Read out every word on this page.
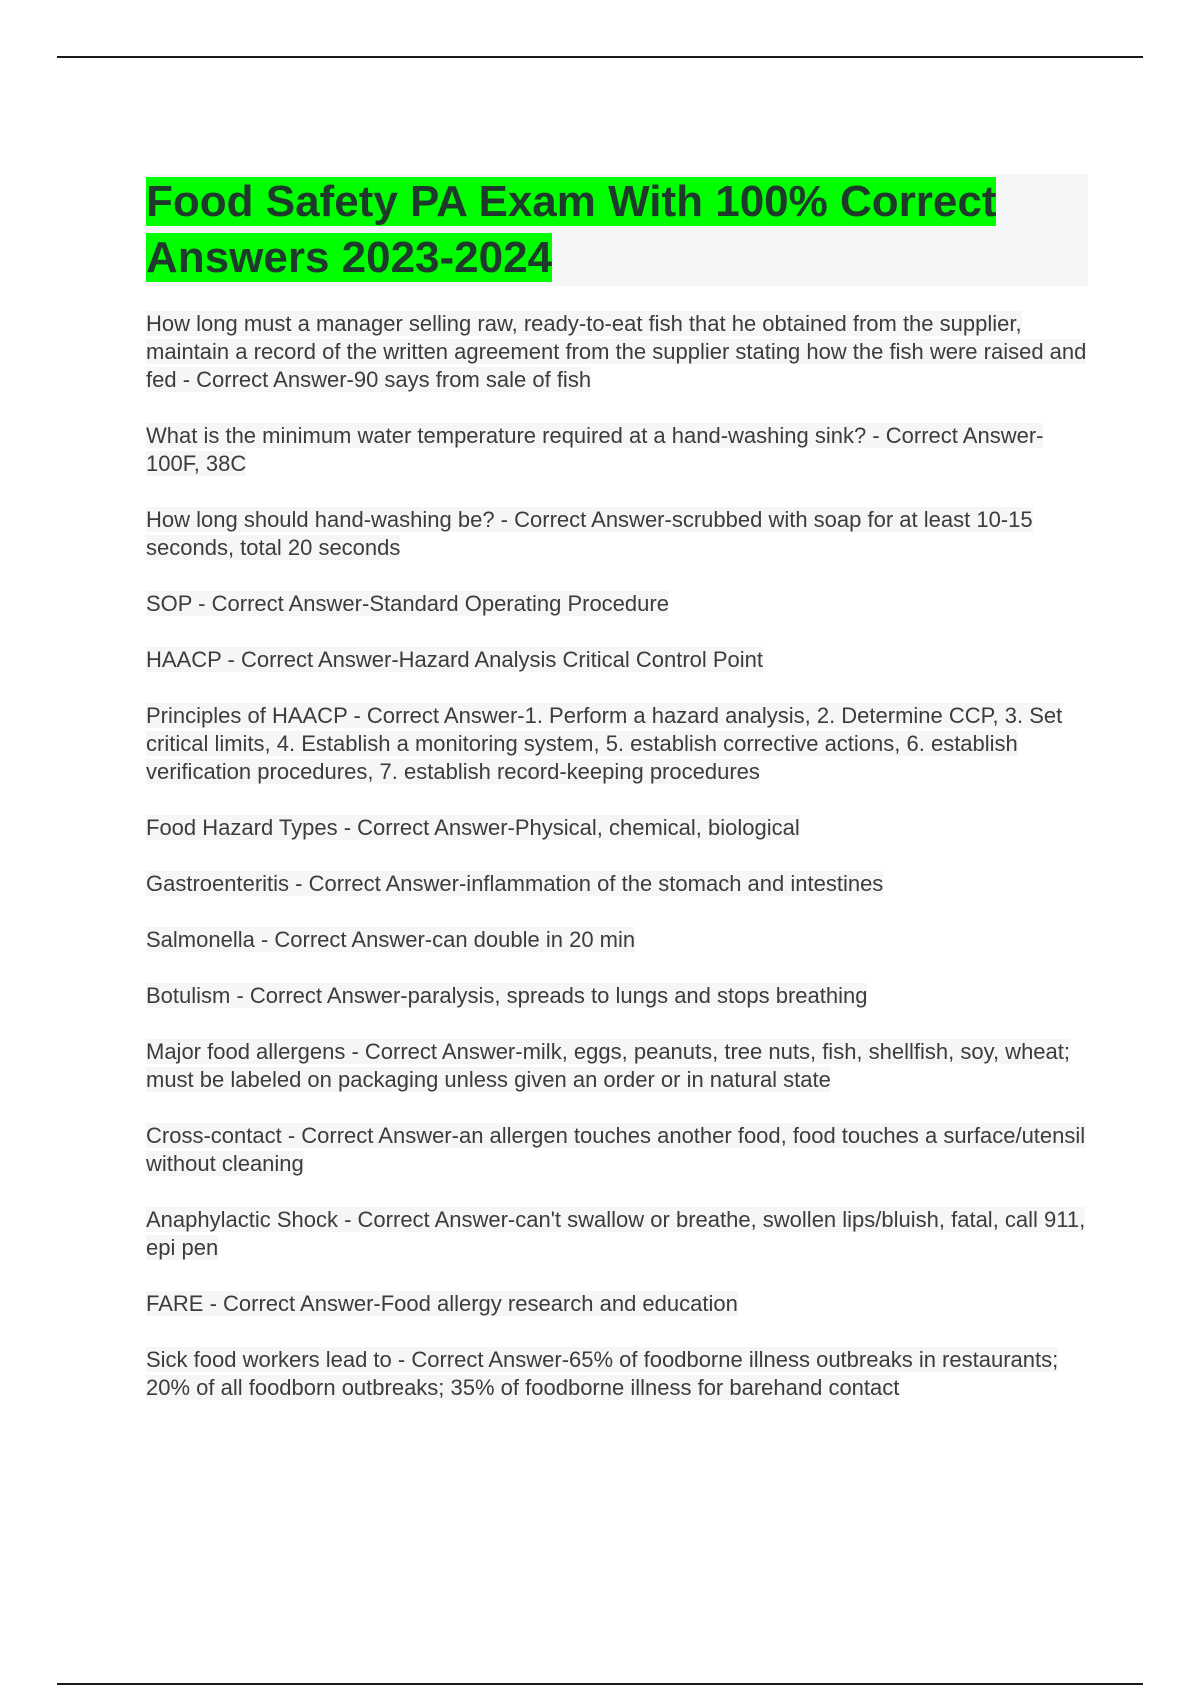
Food Safety PA Exam With 100% Correct Answers 2023-2024
How long must a manager selling raw, ready-to-eat fish that he obtained from the supplier, maintain a record of the written agreement from the supplier stating how the fish were raised and fed - Correct Answer-90 says from sale of fish
What is the minimum water temperature required at a hand-washing sink? - Correct Answer-100F, 38C
How long should hand-washing be? - Correct Answer-scrubbed with soap for at least 10-15 seconds, total 20 seconds
SOP - Correct Answer-Standard Operating Procedure
HAACP - Correct Answer-Hazard Analysis Critical Control Point
Principles of HAACP - Correct Answer-1. Perform a hazard analysis, 2. Determine CCP, 3. Set critical limits, 4. Establish a monitoring system, 5. establish corrective actions, 6. establish verification procedures, 7. establish record-keeping procedures
Food Hazard Types - Correct Answer-Physical, chemical, biological
Gastroenteritis - Correct Answer-inflammation of the stomach and intestines
Salmonella - Correct Answer-can double in 20 min
Botulism - Correct Answer-paralysis, spreads to lungs and stops breathing
Major food allergens - Correct Answer-milk, eggs, peanuts, tree nuts, fish, shellfish, soy, wheat; must be labeled on packaging unless given an order or in natural state
Cross-contact - Correct Answer-an allergen touches another food, food touches a surface/utensil without cleaning
Anaphylactic Shock - Correct Answer-can't swallow or breathe, swollen lips/bluish, fatal, call 911, epi pen
FARE - Correct Answer-Food allergy research and education
Sick food workers lead to - Correct Answer-65% of foodborne illness outbreaks in restaurants; 20% of all foodborn outbreaks; 35% of foodborne illness for barehand contact
